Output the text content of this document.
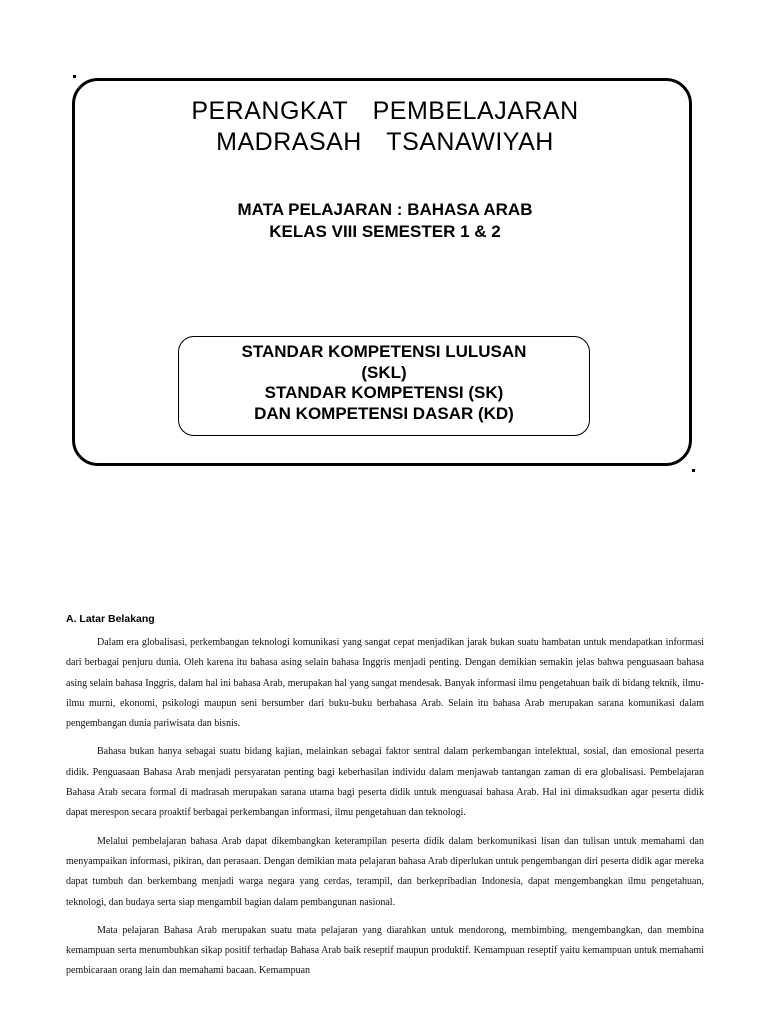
PERANGKAT  PEMBELAJARAN
MADRASAH  TSANAWIYAH
MATA PELAJARAN : BAHASA ARAB
KELAS VIII SEMESTER 1 & 2
STANDAR KOMPETENSI LULUSAN
(SKL)
STANDAR KOMPETENSI (SK)
DAN KOMPETENSI DASAR (KD)
A. Latar Belakang

Dalam era globalisasi, perkembangan teknologi komunikasi yang sangat cepat menjadikan jarak bukan suatu hambatan untuk mendapatkan informasi dari berbagai penjuru dunia. Oleh karena itu bahasa asing selain bahasa Inggris menjadi penting. Dengan demikian semakin jelas bahwa penguasaan bahasa asing selain bahasa Inggris, dalam hal ini bahasa Arab, merupakan hal yang sangat mendesak. Banyak informasi ilmu pengetahuan baik di bidang teknik, ilmu-ilmu murni, ekonomi, psikologi maupun seni bersumber dari buku-buku berbahasa Arab. Selain itu bahasa Arab merupakan sarana komunikasi dalam pengembangan dunia pariwisata dan bisnis.

Bahasa bukan hanya sebagai suatu bidang kajian, melainkan sebagai faktor sentral dalam perkembangan intelektual, sosial, dan emosional peserta didik. Penguasaan Bahasa Arab menjadi persyaratan penting bagi keberhasilan individu dalam menjawab tantangan zaman di era globalisasi. Pembelajaran Bahasa Arab secara formal di madrasah merupakan sarana utama bagi peserta didik untuk menguasai bahasa Arab. Hal ini dimaksudkan agar peserta didik dapat merespon secara proaktif berbagai perkembangan informasi, ilmu pengetahuan dan teknologi.

Melalui pembelajaran bahasa Arab dapat dikembangkan keterampilan peserta didik dalam berkomunikasi lisan dan tulisan untuk memahami dan menyampaikan informasi, pikiran, dan perasaan. Dengan demikian mata pelajaran bahasa Arab diperlukan untuk pengembangan diri peserta didik agar mereka dapat tumbuh dan berkembang menjadi warga negara yang cerdas, terampil, dan berkepribadian Indonesia, dapat mengembangkan ilmu pengetahuan, teknologi, dan budaya serta siap mengambil bagian dalam pembangunan nasional.

Mata pelajaran Bahasa Arab merupakan suatu mata pelajaran yang diarahkan untuk mendorong, membimbing, mengembangkan, dan membina kemampuan serta menumbuhkan sikap positif terhadap Bahasa Arab baik reseptif maupun produktif. Kemampuan reseptif yaitu kemampuan untuk memahami pembicaraan orang lain dan memahami bacaan. Kemampuan
